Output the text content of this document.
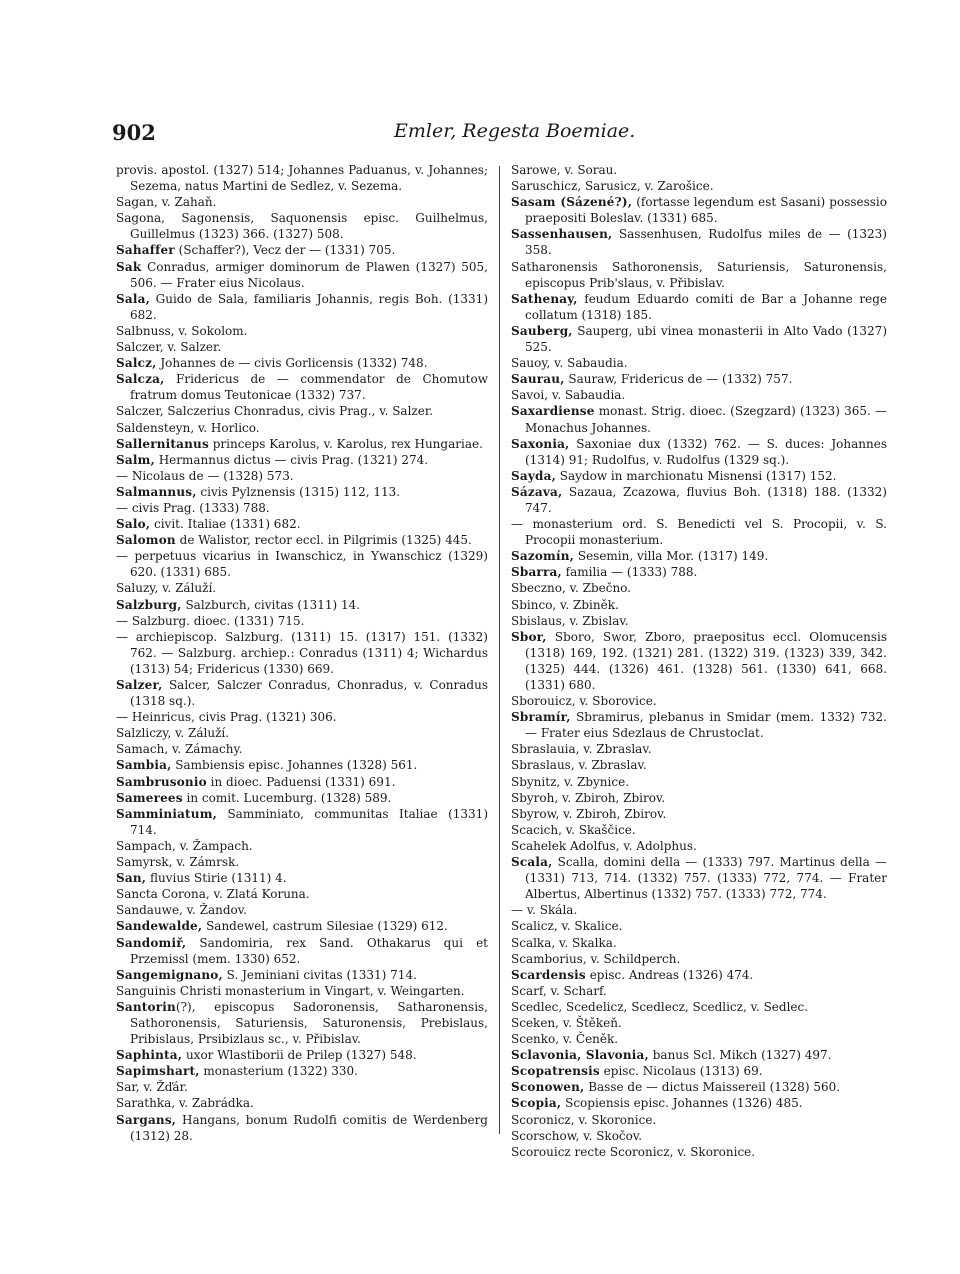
902	Emler, Regesta Boemiae.

provis. apostol. (1327) 514; Johannes Paduanus, v. Johannes; Sezema, natus Martini de Sedlez, v. Sezema.

Sagan, v. Zahaň.

Sagona, Sagonensis, Saquonensis episc. Guilhelmus, Guillelmus (1323) 366. (1327) 508.

Sahaffer (Schaffer?), Vecz der — (1331) 705.

Sak Conradus, armiger dominorum de Plawen (1327) 505, 506. — Frater eius Nicolaus.

Sala, Guido de Sala, familiaris Johannis, regis Boh. (1331) 682.

Salbnuss, v. Sokolom.

Salczer, v. Salzer.

Salcz, Johannes de — civis Gorlicensis (1332) 748.

Salcza, Fridericus de — commendator de Chomutow fratrum domus Teutonicae (1332) 737.

Salczer, Salczerius Chonradus, civis Prag., v. Salzer.

Saldensteyn, v. Horlico.

Sallernitanus princeps Karolus, v. Karolus, rex Hungariae.

Salm, Hermannus dictus — civis Prag. (1321) 274.

— Nicolaus de — (1328) 573.

Salmannus, civis Pylznensis (1315) 112, 113.

— civis Prag. (1333) 788.

Salo, civit. Italiae (1331) 682.

Salomon de Walistor, rector eccl. in Pilgrimis (1325) 445.

— perpetuus vicarius in Iwanschicz, in Ywanschicz (1329) 620. (1331) 685.

Saluzy, v. Záluží.

Salzburg, Salzburch, civitas (1311) 14.

— Salzburg. dioec. (1331) 715.

— archiepiscop. Salzburg. (1311) 15. (1317) 151. (1332) 762. — Salzburg. archiep.: Conradus (1311) 4; Wichardus (1313) 54; Fridericus (1330) 669.

Salzer, Salcer, Salczer Conradus, Chonradus, v. Conradus (1318 sq.).

— Heinricus, civis Prag. (1321) 306.

Salzliczy, v. Záluží.

Samach, v. Zámachy.

Sambia, Sambiensis episc. Johannes (1328) 561.

Sambrusonio in dioec. Paduensi (1331) 691.

Samerees in comit. Lucemburg. (1328) 589.

Samminiatum, Samminiato, communitas Italiae (1331) 714.

Sampach, v. Žampach.

Samyrsk, v. Zámrsk.

San, fluvius Stirie (1311) 4.

Sancta Corona, v. Zlatá Koruna.

Sandauwe, v. Žandov.

Sandewalde, Sandewel, castrum Silesiae (1329) 612.

Sandomiř, Sandomiria, rex Sand. Othakarus qui et Przemissl (mem. 1330) 652.

Sangemignano, S. Jeminiani civitas (1331) 714.

Sanguinis Christi monasterium in Vingart, v. Weingarten.

Santorin(?), episcopus Sadoronensis, Satharonensis, Sathoronensis, Saturiensis, Saturonensis, Prebislaus, Pribislaus, Prsibizlaus sc., v. Přibislav.

Saphinta, uxor Wlastiborii de Prilep (1327) 548.

Sapimshart, monasterium (1322) 330.

Sar, v. Žďár.

Sarathka, v. Zabrádka.

Sargans, Hangans, bonum Rudolfi comitis de Werdenberg (1312) 28.

Sarowe, v. Sorau.

Saruschicz, Sarusicz, v. Zarošice.

Sasam (Sázené?), (fortasse legendum est Sasani) possessio praepositi Boleslav. (1331) 685.

Sassenhausen, Sassenhusen, Rudolfus miles de — (1323) 358.

Satharonensis Sathoronensis, Saturiensis, Saturonensis, episcopus Prib'slaus, v. Přibislav.

Sathenay, feudum Eduardo comiti de Bar a Johanne rege collatum (1318) 185.

Sauberg, Sauperg, ubi vinea monasterii in Alto Vado (1327) 525.

Sauoy, v. Sabaudia.

Saurau, Sauraw, Fridericus de — (1332) 757.

Savoi, v. Sabaudia.

Saxardiense monast. Strig. dioec. (Szegzard) (1323) 365. — Monachus Johannes.

Saxonia, Saxoniae dux (1332) 762. — S. duces: Johannes (1314) 91; Rudolfus, v. Rudolfus (1329 sq.).

Sayda, Saydow in marchionatu Misnensi (1317) 152.

Sázava, Sazaua, Zcazowa, fluvius Boh. (1318) 188. (1332) 747.

— monasterium ord. S. Benedicti vel S. Procopii, v. S. Procopii monasterium.

Sazomín, Sesemin, villa Mor. (1317) 149.

Sbarra, familia — (1333) 788.

Sbeczno, v. Zbečno.

Sbinco, v. Zbiněk.

Sbislaus, v. Zbislav.

Sbor, Sboro, Swor, Zboro, praepositus eccl. Olomucensis (1318) 169, 192. (1321) 281. (1322) 319. (1323) 339, 342. (1325) 444. (1326) 461. (1328) 561. (1330) 641, 668. (1331) 680.

Sborouicz, v. Sborovice.

Sbramír, Sbramirus, plebanus in Smidar (mem. 1332) 732. — Frater eius Sdezlaus de Chrustoclat.

Sbraslauia, v. Zbraslav.

Sbraslaus, v. Zbraslav.

Sbynitz, v. Zbynice.

Sbyroh, v. Zbiroh, Zbirov.

Sbyrow, v. Zbiroh, Zbirov.

Scacich, v. Skaščice.

Scahelek Adolfus, v. Adolphus.

Scala, Scalla, domini della — (1333) 797. Martinus della — (1331) 713, 714. (1332) 757. (1333) 772, 774. — Frater Albertus, Albertinus (1332) 757. (1333) 772, 774.

— v. Skála.

Scalicz, v. Skalice.

Scalka, v. Skalka.

Scamborius, v. Schildperch.

Scardensis episc. Andreas (1326) 474.

Scarf, v. Scharf.

Scedlec, Scedelicz, Scedlecz, Scedlicz, v. Sedlec.

Sceken, v. Štěkeň.

Scenko, v. Čeněk.

Sclavonia, Slavonia, banus Scl. Mikch (1327) 497.

Scopatrensis episc. Nicolaus (1313) 69.

Sconowen, Basse de — dictus Maissereil (1328) 560.

Scopia, Scopiensis episc. Johannes (1326) 485.

Scoronicz, v. Skoronice.

Scorschow, v. Skočov.

Scorouicz recte Scoronicz, v. Skoronice.
